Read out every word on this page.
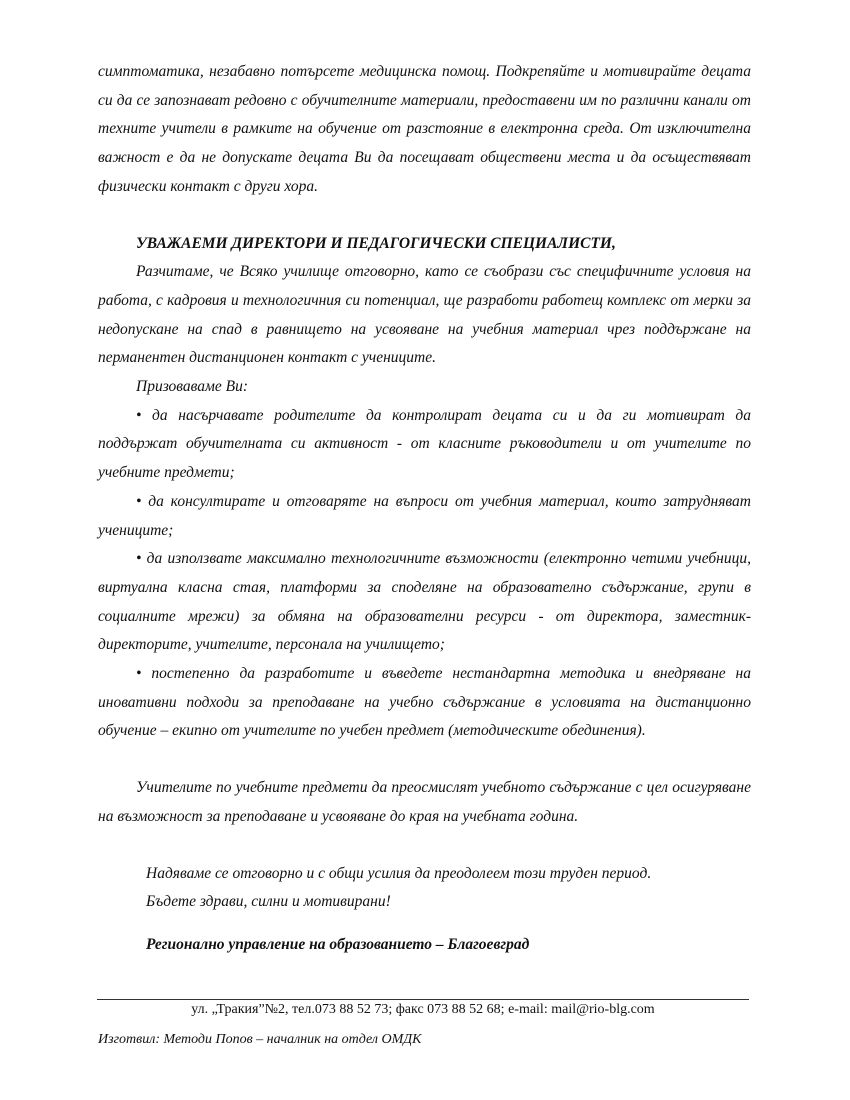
симптоматика, незабавно потърсете медицинска помощ. Подкрепяйте и мотивирайте децата си да се запознават редовно с обучителните материали, предоставени им по различни канали от техните учители в рамките на обучение от разстояние в електронна среда. От изключителна важност е да не допускате децата Ви да посещават обществени места и да осъществяват физически контакт с други хора.

УВАЖАЕМИ ДИРЕКТОРИ И ПЕДАГОГИЧЕСКИ СПЕЦИАЛИСТИ,

Разчитаме, че Всяко училище отговорно, като се съобрази със специфичните условия на работа, с кадровия и технологичния си потенциал, ще разработи работещ комплекс от мерки за недопускане на спад в равнището на усвояване на учебния материал чрез поддържане на перманентен дистанционен контакт с учениците.

Призоваваме Ви:

• да насърчавате родителите да контролират децата си и да ги мотивират да поддържат обучителната си активност - от класните ръководители и от учителите по учебните предмети;

• да консултирате и отговаряте на въпроси от учебния материал, които затрудняват учениците;

• да използвате максимално технологичните възможности (електронно четими учебници, виртуална класна стая, платформи за споделяне на образователно съдържание, групи в социалните мрежи) за обмяна на образователни ресурси - от директора, заместник-директорите, учителите, персонала на училището;

• постепенно да разработите и въведете нестандартна методика и внедряване на иновативни подходи за преподаване на учебно съдържание в условията на дистанционно обучение – екипно от учителите по учебен предмет (методическите обединения).

Учителите по учебните предмети да преосмислят учебното съдържание с цел осигуряване на възможност за преподаване и усвояване до края на учебната година.

Надяваме се отговорно и с общи усилия да преодолеем този труден период.

Бъдете здрави, силни и мотивирани!

Регионално управление на образованието – Благоевград

ул. „Тракия”№2, тел.073 88 52 73; факс 073 88 52 68; e-mail: mail@rio-blg.com
Изготвил: Методи Попов – началник на отдел ОМДК
